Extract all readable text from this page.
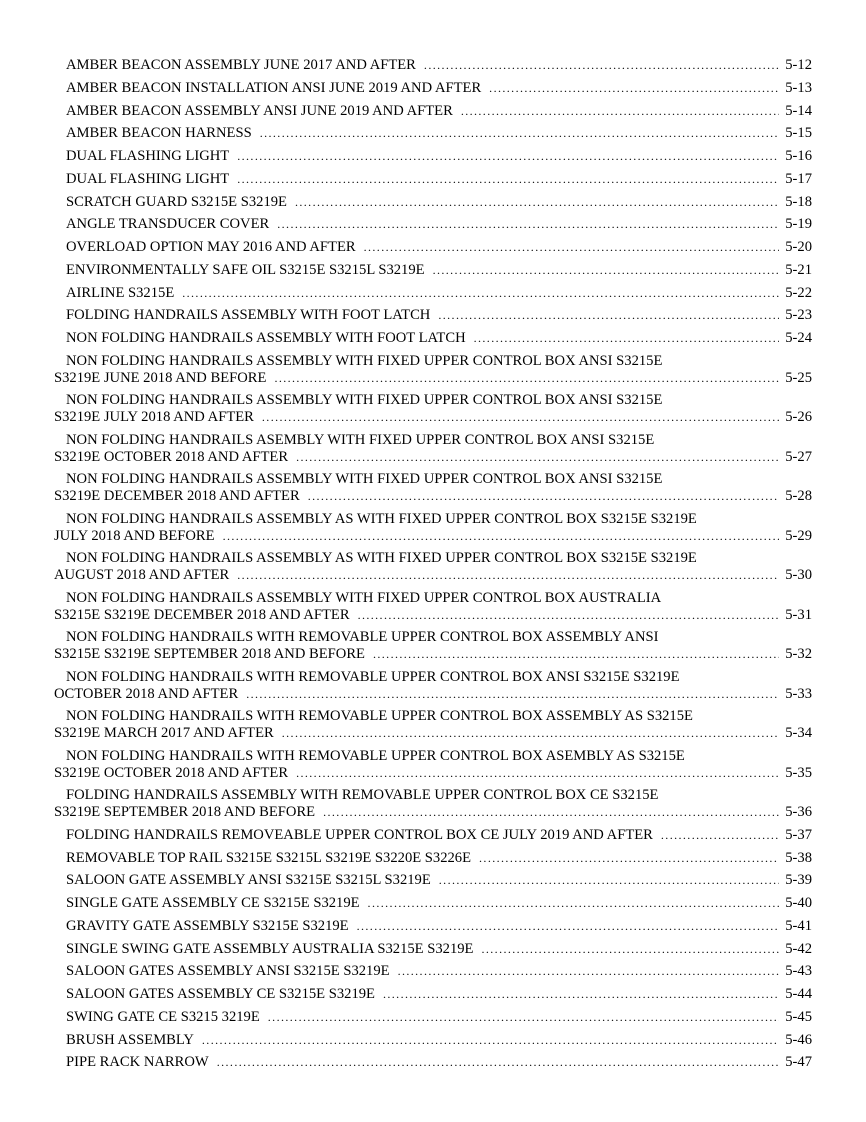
AMBER BEACON ASSEMBLY JUNE 2017 AND AFTER .....	5-12
AMBER BEACON INSTALLATION ANSI JUNE 2019 AND AFTER .....	5-13
AMBER BEACON ASSEMBLY ANSI JUNE 2019 AND AFTER .....	5-14
AMBER BEACON HARNESS .....	5-15
DUAL FLASHING LIGHT .....	5-16
DUAL FLASHING LIGHT .....	5-17
SCRATCH GUARD S3215E S3219E .....	5-18
ANGLE TRANSDUCER COVER .....	5-19
OVERLOAD OPTION MAY 2016 AND AFTER .....	5-20
ENVIRONMENTALLY SAFE OIL S3215E S3215L S3219E .....	5-21
AIRLINE S3215E .....	5-22
FOLDING HANDRAILS ASSEMBLY WITH FOOT LATCH .....	5-23
NON FOLDING HANDRAILS ASSEMBLY WITH FOOT LATCH .....	5-24
NON FOLDING HANDRAILS ASSEMBLY WITH FIXED UPPER CONTROL BOX ANSI S3215E
S3219E JUNE 2018 AND BEFORE .....	5-25
NON FOLDING HANDRAILS ASSEMBLY WITH FIXED UPPER CONTROL BOX ANSI S3215E
S3219E JULY 2018 AND AFTER .....	5-26
NON FOLDING HANDRAILS ASEMBLY WITH FIXED UPPER CONTROL BOX ANSI S3215E
S3219E OCTOBER 2018 AND AFTER .....	5-27
NON FOLDING HANDRAILS ASSEMBLY WITH FIXED UPPER CONTROL BOX ANSI S3215E
S3219E DECEMBER 2018 AND AFTER .....	5-28
NON FOLDING HANDRAILS ASSEMBLY AS WITH FIXED UPPER CONTROL BOX S3215E S3219E
JULY 2018 AND BEFORE .....	5-29
NON FOLDING HANDRAILS ASSEMBLY AS WITH FIXED UPPER CONTROL BOX S3215E S3219E
AUGUST 2018 AND AFTER .....	5-30
NON FOLDING HANDRAILS ASSEMBLY WITH FIXED UPPER CONTROL BOX AUSTRALIA
S3215E S3219E DECEMBER 2018 AND AFTER .....	5-31
NON FOLDING HANDRAILS WITH REMOVABLE UPPER CONTROL BOX ASSEMBLY ANSI
S3215E S3219E SEPTEMBER 2018 AND BEFORE .....	5-32
NON FOLDING HANDRAILS WITH REMOVABLE UPPER CONTROL BOX ANSI S3215E S3219E
OCTOBER 2018 AND AFTER .....	5-33
NON FOLDING HANDRAILS WITH REMOVABLE UPPER CONTROL BOX ASSEMBLY AS S3215E
S3219E MARCH 2017 AND AFTER .....	5-34
NON FOLDING HANDRAILS WITH REMOVABLE UPPER CONTROL BOX ASEMBLY AS S3215E
S3219E OCTOBER 2018 AND AFTER .....	5-35
FOLDING HANDRAILS ASSEMBLY WITH REMOVABLE UPPER CONTROL BOX CE S3215E
S3219E SEPTEMBER 2018 AND BEFORE .....	5-36
FOLDING HANDRAILS REMOVEABLE UPPER CONTROL BOX CE JULY 2019 AND AFTER .....	5-37
REMOVABLE TOP RAIL S3215E S3215L S3219E S3220E S3226E .....	5-38
SALOON GATE ASSEMBLY ANSI S3215E S3215L S3219E .....	5-39
SINGLE GATE ASSEMBLY CE S3215E S3219E .....	5-40
GRAVITY GATE ASSEMBLY S3215E S3219E .....	5-41
SINGLE SWING GATE ASSEMBLY AUSTRALIA S3215E S3219E .....	5-42
SALOON GATES ASSEMBLY ANSI S3215E S3219E .....	5-43
SALOON GATES ASSEMBLY CE S3215E S3219E .....	5-44
SWING GATE CE S3215 3219E .....	5-45
BRUSH ASSEMBLY .....	5-46
PIPE RACK NARROW .....	5-47
